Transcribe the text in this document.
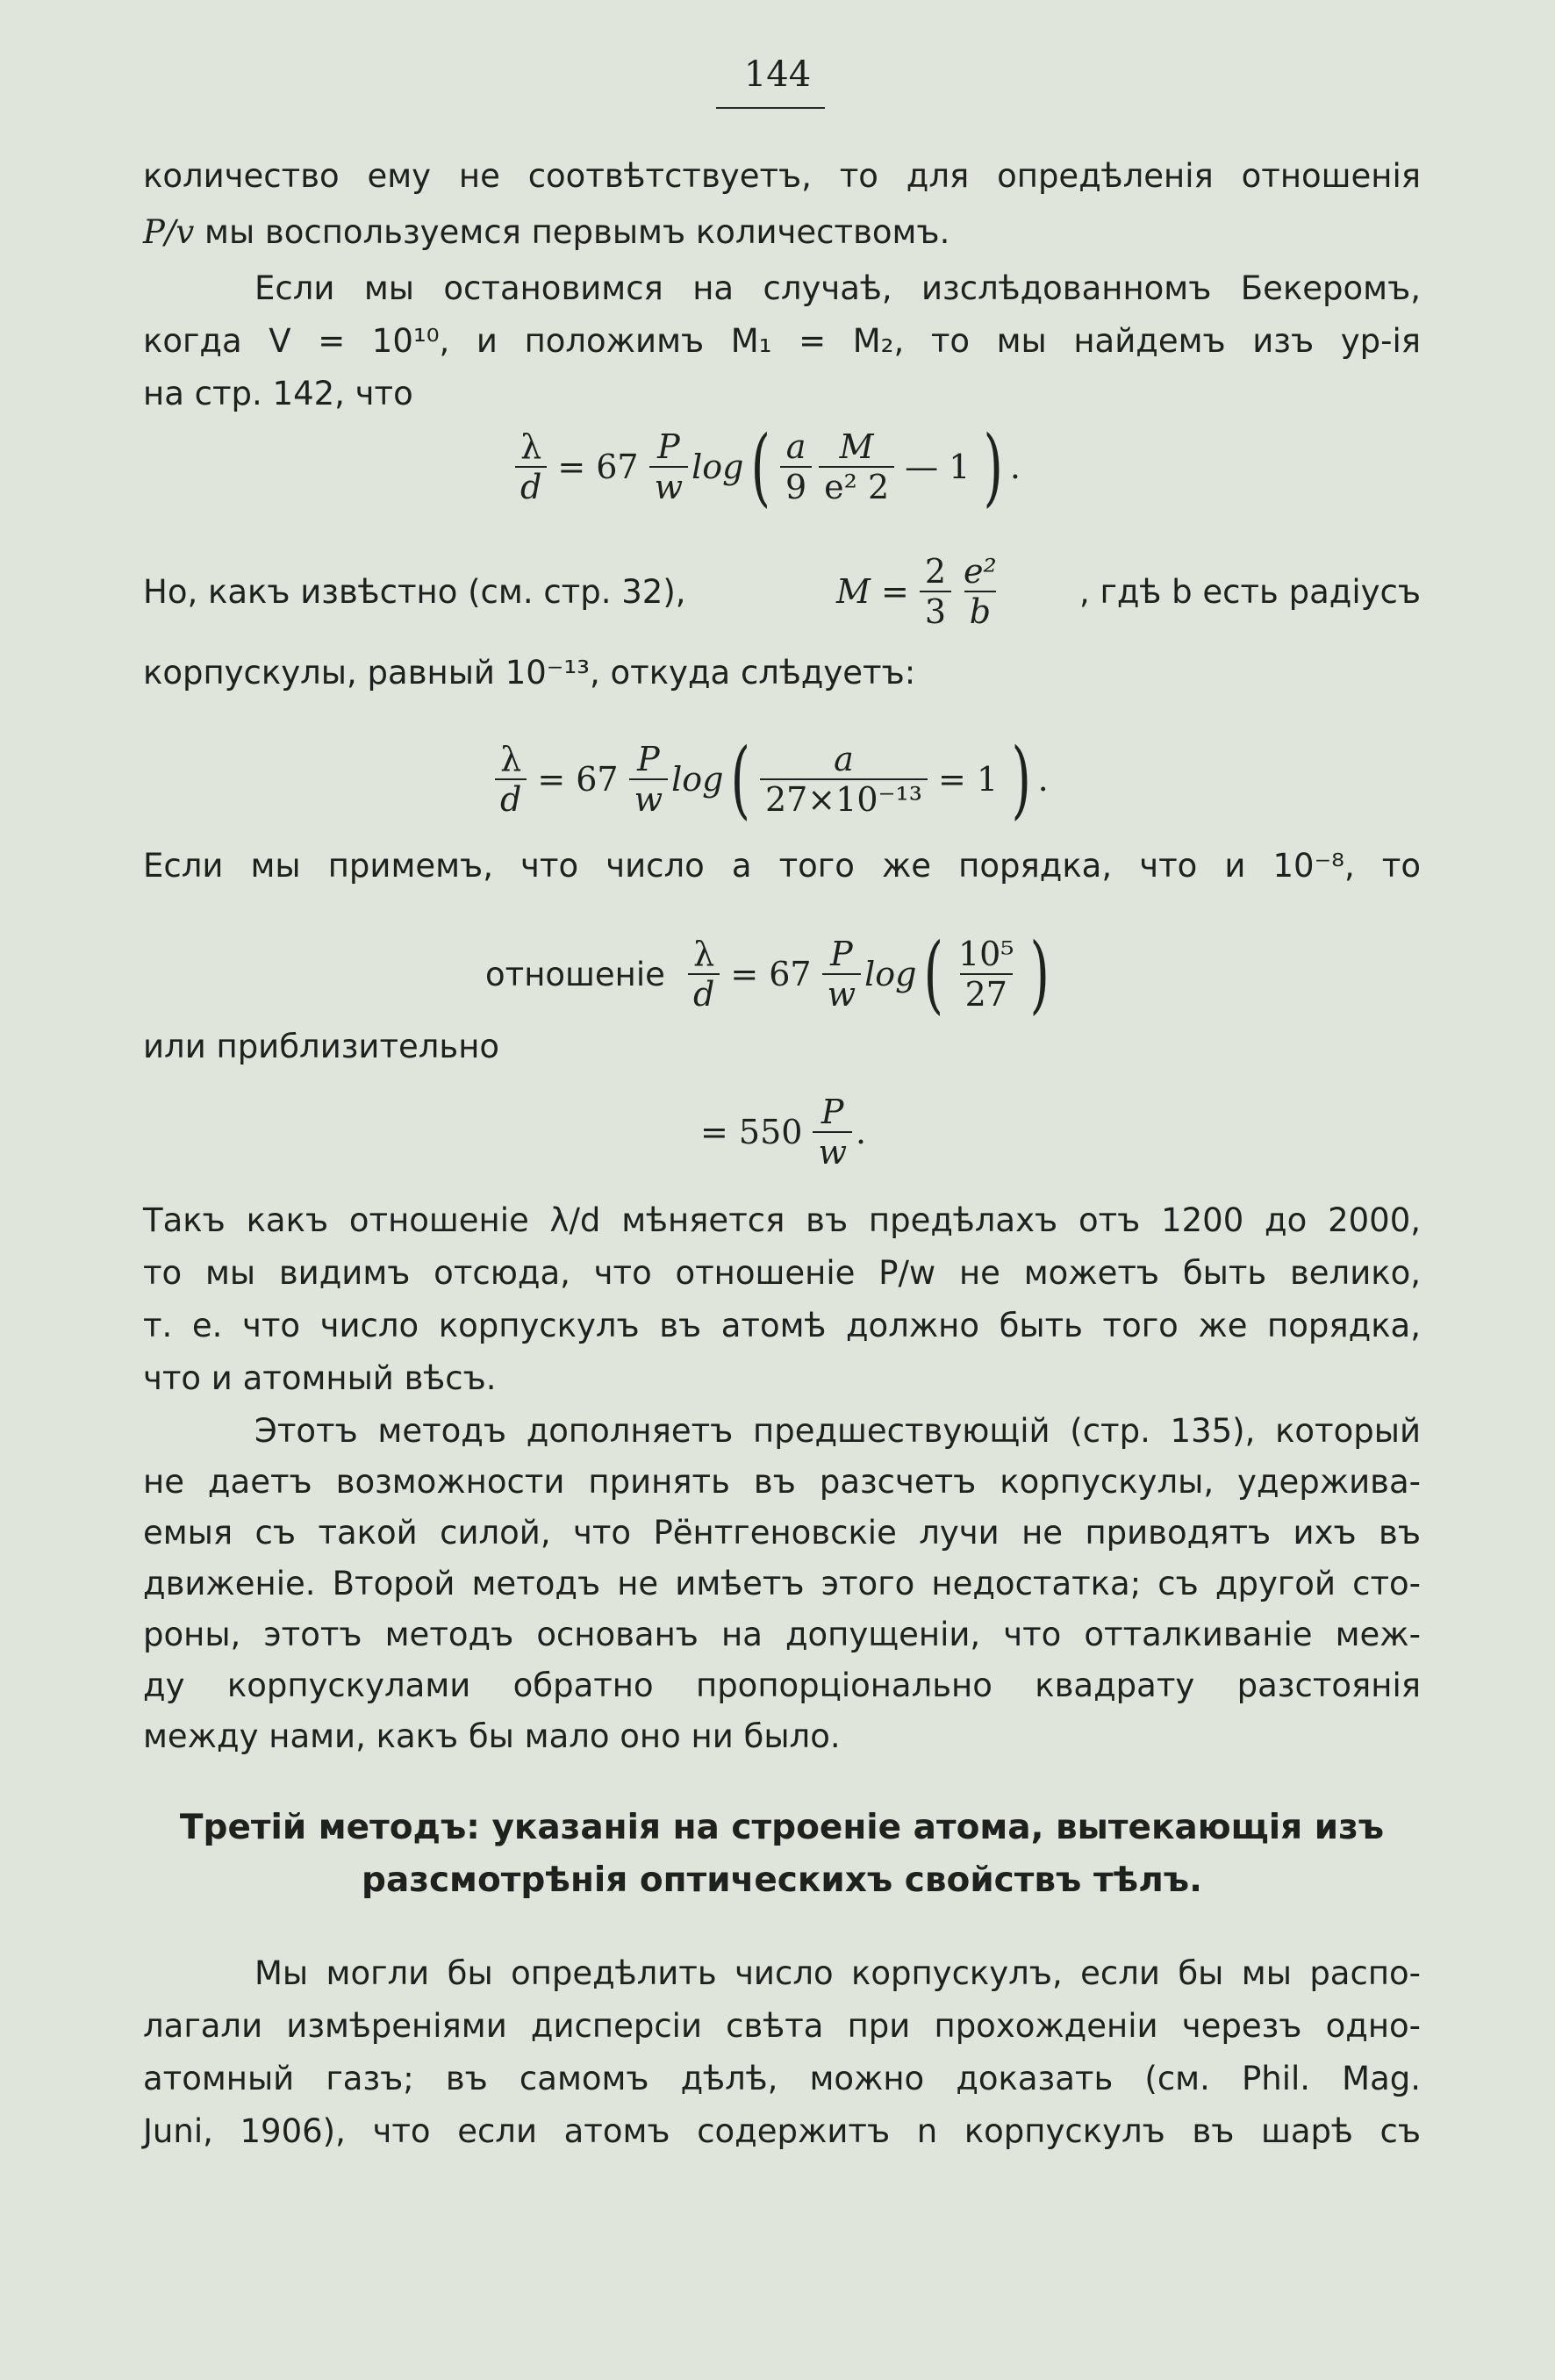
144
количество ему не соотвѣтствуетъ, то для опредѣленія отношенія
P/v мы воспользуемся первымъ количествомъ.
Если мы остановимся на случаѣ, изслѣдованномъ Бекеромъ,
когда V = 10¹⁰, и положимъ M₁ = M₂, то мы найдемъ изъ ур-ія
на стр. 142, что
$\frac{\lambda}{d} = 67 \frac{P}{w}$ log ( $\frac{a}{9} \frac{M}{\text{e² 2}}$ — 1 ) .
Но, какъ извѣстно (см. стр. 32),	$M = \frac{2}{3} \frac{\text{e²}}{b}$	, гдѣ b есть радіусъ
корпускулы, равный 10⁻¹³, откуда слѣдуетъ:
$\frac{\lambda}{d} = 67 \frac{P}{w}$ log ( $\frac{a}{\text{27×10⁻¹³}} = 1$ ) .
Если мы примемъ, что число a того же порядка, что и 10⁻⁸, то
отношеніе $\frac{\lambda}{d} = 67 \frac{P}{w}$ log ( $\frac{\text{10⁵}}{27}$ )
или приблизительно
= $550 \frac{P}{w}$ .
Такъ какъ отношеніе λ/d мѣняется въ предѣлахъ отъ 1200 до 2000,
то мы видимъ отсюда, что отношеніе P/w не можетъ быть велико,
т. е. что число корпускулъ въ атомѣ должно быть того же порядка,
что и атомный вѣсъ.
Этотъ методъ дополняетъ предшествующій (стр. 135), который
не даетъ возможности принять въ разсчетъ корпускулы, удержива-
емыя съ такой силой, что Рёнтгеновскіе лучи не приводятъ ихъ въ
движеніе. Второй методъ не имѣетъ этого недостатка; съ другой сто-
роны, этотъ методъ основанъ на допущеніи, что отталкиваніе меж-
ду корпускулами обратно пропорціонально квадрату разстоянія
между нами, какъ бы мало оно ни было.
Третій методъ: указанія на строеніе атома, вытекающія изъ
разсмотрѣнія оптическихъ свойствъ тѣлъ.
Мы могли бы опредѣлить число корпускулъ, если бы мы распо-
лагали измѣреніями дисперсіи свѣта при прохожденіи черезъ одно-
атомный газъ; въ самомъ дѣлѣ, можно доказать (см. Phil. Mag.
Juni, 1906), что если атомъ содержитъ n корпускулъ въ шарѣ съ
